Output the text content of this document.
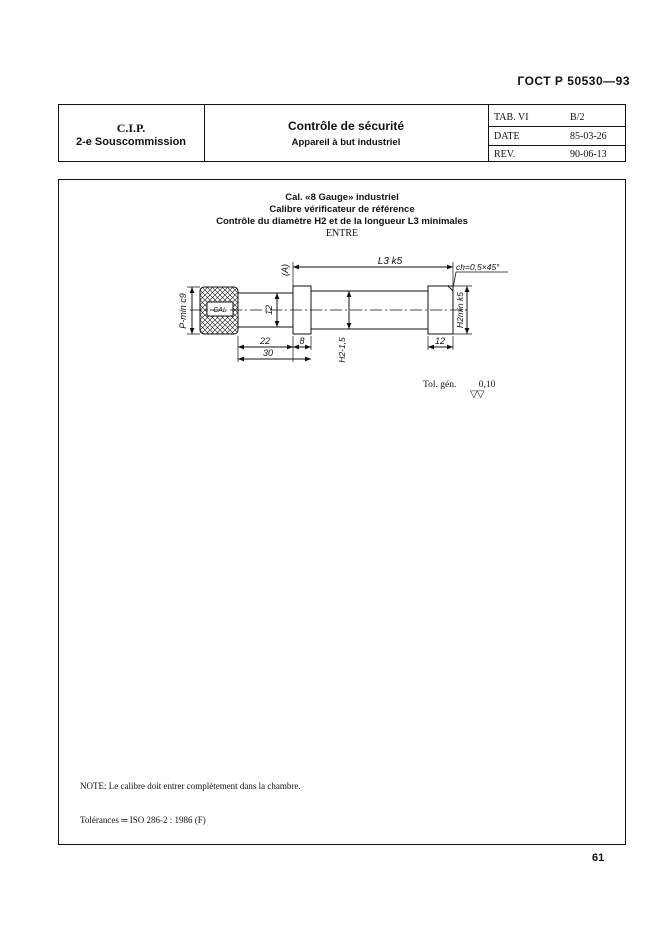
ГОСТ Р 50530—93
C.I.P.
2-e Souscommission
Contrôle de sécurité
Appareil à but industriel
TAB. VI	B/2
DATE	85-03-26
REV.	90-06-13
Cal. «8 Gauge» industriel
Calibre vérificateur de référence
Contrôle du diamètre H2 et de la longueur L3 minimales
ENTRE
CAL
L3 k5	ch=0,5×45°
(A)
P-min c9	12
H2-1,5
H2min k5
22	8
30
12
Tol. gén.	0,10
▽▽
NOTE: Le calibre doit entrer complètement dans la chambre.
Tolérances ═ ISO 286-2 : 1986 (F)
61
